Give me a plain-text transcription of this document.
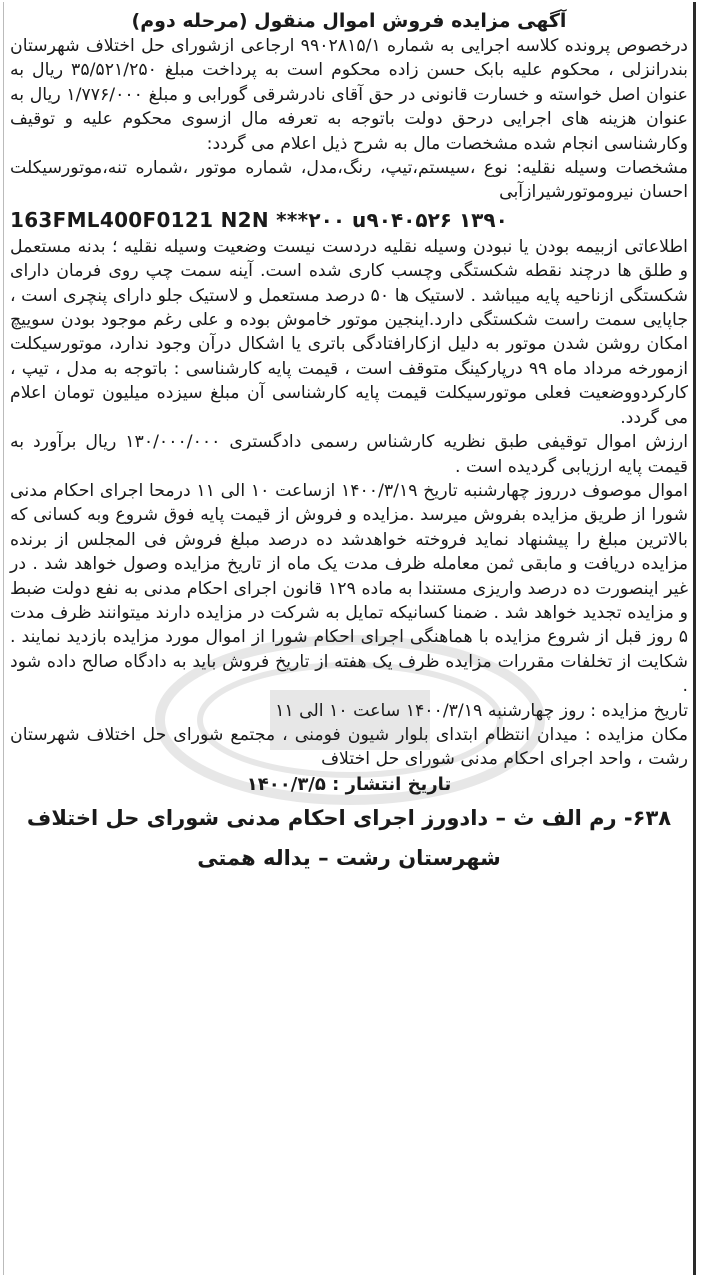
آگهی مزایده فروش اموال منقول (مرحله دوم)

درخصوص پرونده کلاسه اجرایی به شماره ۹۹۰۲۸۱۵/۱ ارجاعی ازشورای حل اختلاف شهرستان بندرانزلی ، محکوم علیه بابک حسن زاده محکوم است به پرداخت مبلغ ۳۵/۵۲۱/۲۵۰ ریال به عنوان اصل خواسته و خسارت قانونی در حق آقای نادرشرقی گورابی و مبلغ ۱/۷۷۶/۰۰۰ ریال به عنوان هزینه های اجرایی درحق دولت باتوجه به تعرفه مال ازسوی محکوم علیه و توقیف وکارشناسی انجام شده مشخصات مال به شرح ذیل اعلام می گردد:

مشخصات وسیله نقلیه: نوع ،سیستم،تیپ، رنگ،مدل، شماره موتور ،شماره تنه،موتورسیکلت احسان نیروموتورشیرازآبی

163FML400F0121 N2N ***۲۰۰ u۹۰۴۰۵۲۶ ۱۳۹۰

اطلاعاتی ازبیمه بودن یا نبودن وسیله نقلیه دردست نیست وضعیت وسیله نقلیه ؛ بدنه مستعمل و طلق ها درچند نقطه شکستگی وچسب کاری شده است. آینه سمت چپ روی فرمان دارای شکستگی ازناحیه پایه میباشد . لاستیک ها ۵۰ درصد مستعمل و لاستیک جلو دارای پنچری است ، جاپایی سمت راست شکستگی دارد.اینجین موتور خاموش بوده و علی رغم موجود بودن سوییچ امکان روشن شدن موتور به دلیل ازکارافتادگی باتری یا اشکال درآن وجود ندارد، موتورسیکلت ازمورخه مرداد ماه ۹۹ درپارکینگ متوقف است ، قیمت پایه کارشناسی : باتوجه به مدل ، تیپ ، کارکردووضعیت فعلی موتورسیکلت قیمت پایه کارشناسی آن مبلغ سیزده میلیون تومان اعلام می گردد.

ارزش اموال توقیفی طبق نظریه کارشناس رسمی دادگستری ۱۳۰/۰۰۰/۰۰۰ ریال برآورد به قیمت پایه ارزیابی گردیده است .

اموال موصوف درروز چهارشنبه تاریخ ۱۴۰۰/۳/۱۹ ازساعت ۱۰ الی ۱۱ درمحا اجرای احکام مدنی شورا از طریق مزایده بفروش میرسد .مزایده و فروش از قیمت پایه فوق شروع وبه کسانی که بالاترین مبلغ را پیشنهاد نماید فروخته خواهدشد ده درصد مبلغ فروش فی المجلس از برنده مزایده دریافت و مابقی ثمن معامله ظرف مدت یک ماه از تاریخ مزایده وصول خواهد شد . در غیر اینصورت ده درصد واریزی مستندا به ماده ۱۲۹ قانون اجرای احکام مدنی به نفع دولت ضبط و مزایده تجدید خواهد شد . ضمنا کسانیکه تمایل به شرکت در مزایده دارند میتوانند ظرف مدت ۵ روز قبل از شروع مزایده با هماهنگی اجرای احکام شورا از اموال مورد مزایده بازدید نمایند . شکایت از تخلفات مقررات مزایده ظرف یک هفته از تاریخ فروش باید به دادگاه صالح داده شود .

تاریخ مزایده : روز چهارشنبه ۱۴۰۰/۳/۱۹ ساعت ۱۰ الی ۱۱

مکان مزایده : میدان انتظام ابتدای بلوار شیون فومنی ، مجتمع شورای حل اختلاف شهرستان رشت ، واحد اجرای احکام مدنی شورای حل اختلاف

تاریخ انتشار : ۱۴۰۰/۳/۵

۶۳۸- رم الف ث – دادورز اجرای احکام مدنی شورای حل اختلاف

شهرستان رشت – یداله همتی
